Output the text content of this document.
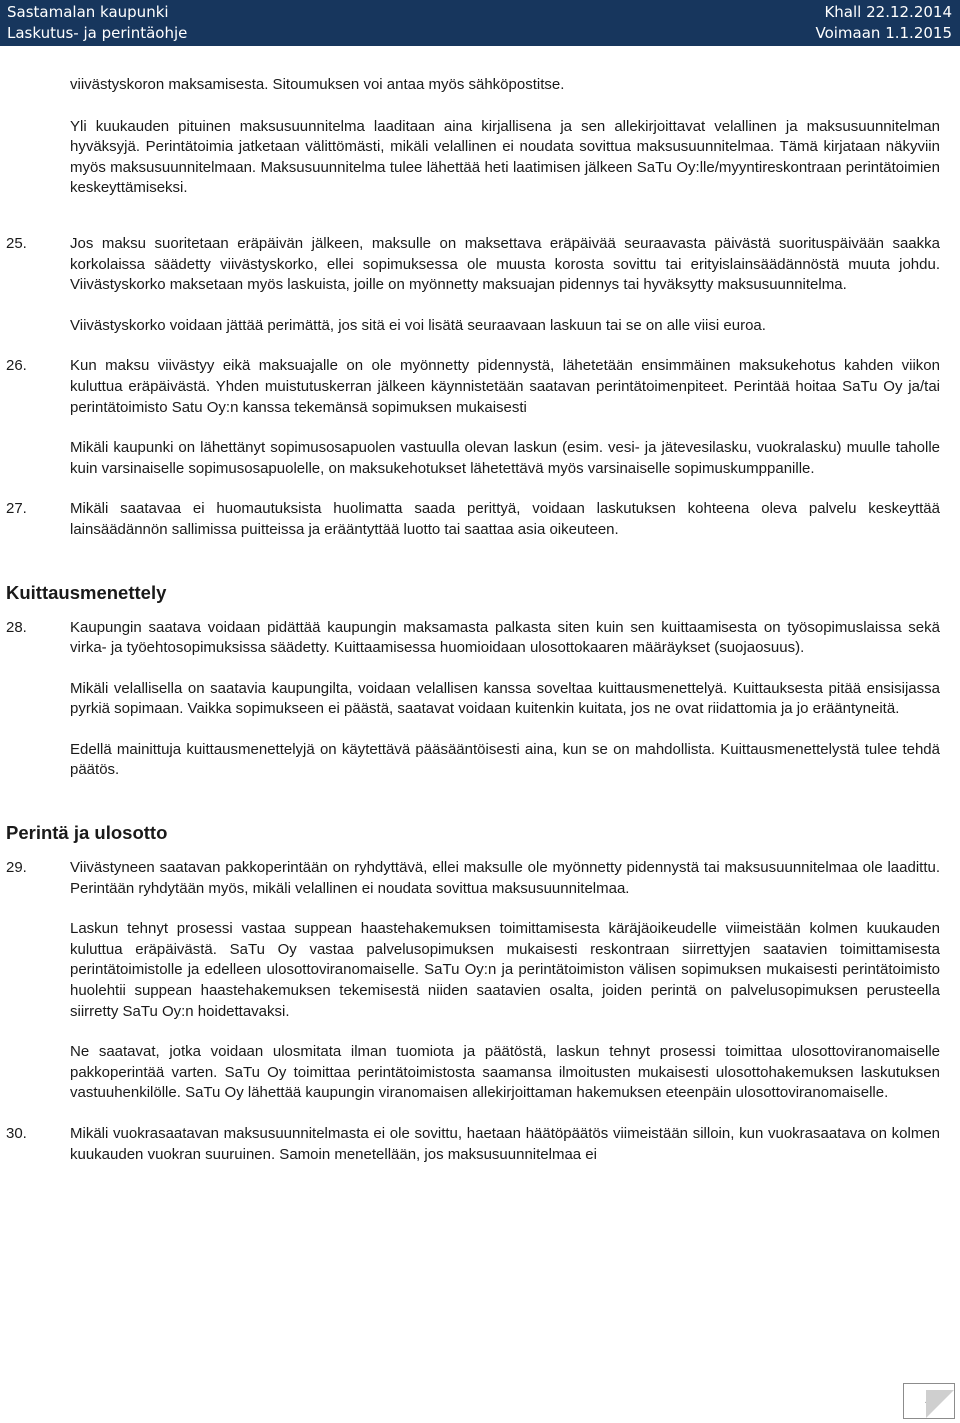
Sastamalan kaupunki	Khall 22.12.2014
Laskutus- ja perintäohje	Voimaan 1.1.2015

viivästyskoron maksamisesta. Sitoumuksen voi antaa myös sähköpostitse.

Yli kuukauden pituinen maksusuunnitelma laaditaan aina kirjallisena ja sen allekirjoittavat velallinen ja maksusuunnitelman hyväksyjä. Perintätoimia jatketaan välittömästi, mikäli velallinen ei noudata sovittua maksusuunnitelmaa. Tämä kirjataan näkyviin myös maksusuunnitelmaan. Maksusuunnitelma tulee lähettää heti laatimisen jälkeen SaTu Oy:lle/myyntireskontraan perintätoimien keskeyttämiseksi.

25.	Jos maksu suoritetaan eräpäivän jälkeen, maksulle on maksettava eräpäivää seuraavasta päivästä suorituspäivään saakka korkolaissa säädetty viivästyskorko, ellei sopimuksessa ole muusta korosta sovittu tai erityislainsäädännöstä muuta johdu. Viivästyskorko maksetaan myös laskuista, joille on myönnetty maksuajan pidennys tai hyväksytty maksusuunnitelma.

Viivästyskorko voidaan jättää perimättä, jos sitä ei voi lisätä seuraavaan laskuun tai se on alle viisi euroa.

26.	Kun maksu viivästyy eikä maksuajalle on ole myönnetty pidennystä, lähetetään ensimmäinen maksukehotus kahden viikon kuluttua eräpäivästä. Yhden muistutuskerran jälkeen käynnistetään saatavan perintätoimenpiteet. Perintää hoitaa SaTu Oy ja/tai perintätoimisto Satu Oy:n kanssa tekemänsä sopimuksen mukaisesti

Mikäli kaupunki on lähettänyt sopimusosapuolen vastuulla olevan laskun (esim. vesi- ja jätevesilasku, vuokralasku) muulle taholle kuin varsinaiselle sopimusosapuolelle, on maksukehotukset lähetettävä myös varsinaiselle sopimuskumppanille.

27.	Mikäli saatavaa ei huomautuksista huolimatta saada perittyä, voidaan laskutuksen kohteena oleva palvelu keskeyttää lainsäädännön sallimissa puitteissa ja erääntyttää luotto tai saattaa asia oikeuteen.

Kuittausmenettely
28.	Kaupungin saatava voidaan pidättää kaupungin maksamasta palkasta siten kuin sen kuittaamisesta on työsopimuslaissa sekä virka- ja työehtosopimuksissa säädetty. Kuittaamisessa huomioidaan ulosottokaaren määräykset (suojaosuus).

Mikäli velallisella on saatavia kaupungilta, voidaan velallisen kanssa soveltaa kuittausmenettelyä. Kuittauksesta pitää ensisijassa pyrkiä sopimaan. Vaikka sopimukseen ei päästä, saatavat voidaan kuitenkin kuitata, jos ne ovat riidattomia ja jo erääntyneitä.

Edellä mainittuja kuittausmenettelyjä on käytettävä pääsääntöisesti aina, kun se on mahdollista. Kuittausmenettelystä tulee tehdä päätös.

Perintä ja ulosotto
29.	Viivästyneen saatavan pakkoperintään on ryhdyttävä, ellei maksulle ole myönnetty pidennystä tai maksusuunnitelmaa ole laadittu. Perintään ryhdytään myös, mikäli velallinen ei noudata sovittua maksusuunnitelmaa.

Laskun tehnyt prosessi vastaa suppean haastehakemuksen toimittamisesta käräjäoikeudelle viimeistään kolmen kuukauden kuluttua eräpäivästä. SaTu Oy vastaa palvelusopimuksen mukaisesti reskontraan siirrettyjen saatavien toimittamisesta perintätoimistolle ja edelleen ulosottoviranomaiselle. SaTu Oy:n ja perintätoimiston välisen sopimuksen mukaisesti perintätoimisto huolehtii suppean haastehakemuksen tekemisestä niiden saatavien osalta, joiden perintä on palvelusopimuksen perusteella siirretty SaTu Oy:n hoidettavaksi.

Ne saatavat, jotka voidaan ulosmitata ilman tuomiota ja päätöstä, laskun tehnyt prosessi toimittaa ulosottoviranomaiselle pakkoperintää varten. SaTu Oy toimittaa perintätoimistosta saamansa ilmoitusten mukaisesti ulosottohakemuksen laskutuksen vastuuhenkilölle. SaTu Oy lähettää kaupungin viranomaisen allekirjoittaman hakemuksen eteenpäin ulosottoviranomaiselle.

30.	Mikäli vuokrasaatavan maksusuunnitelmasta ei ole sovittu, haetaan häätöpäätös viimeistään silloin, kun vuokrasaatava on kolmen kuukauden vuokran suuruinen. Samoin menetellään, jos maksusuunnitelmaa ei

4
